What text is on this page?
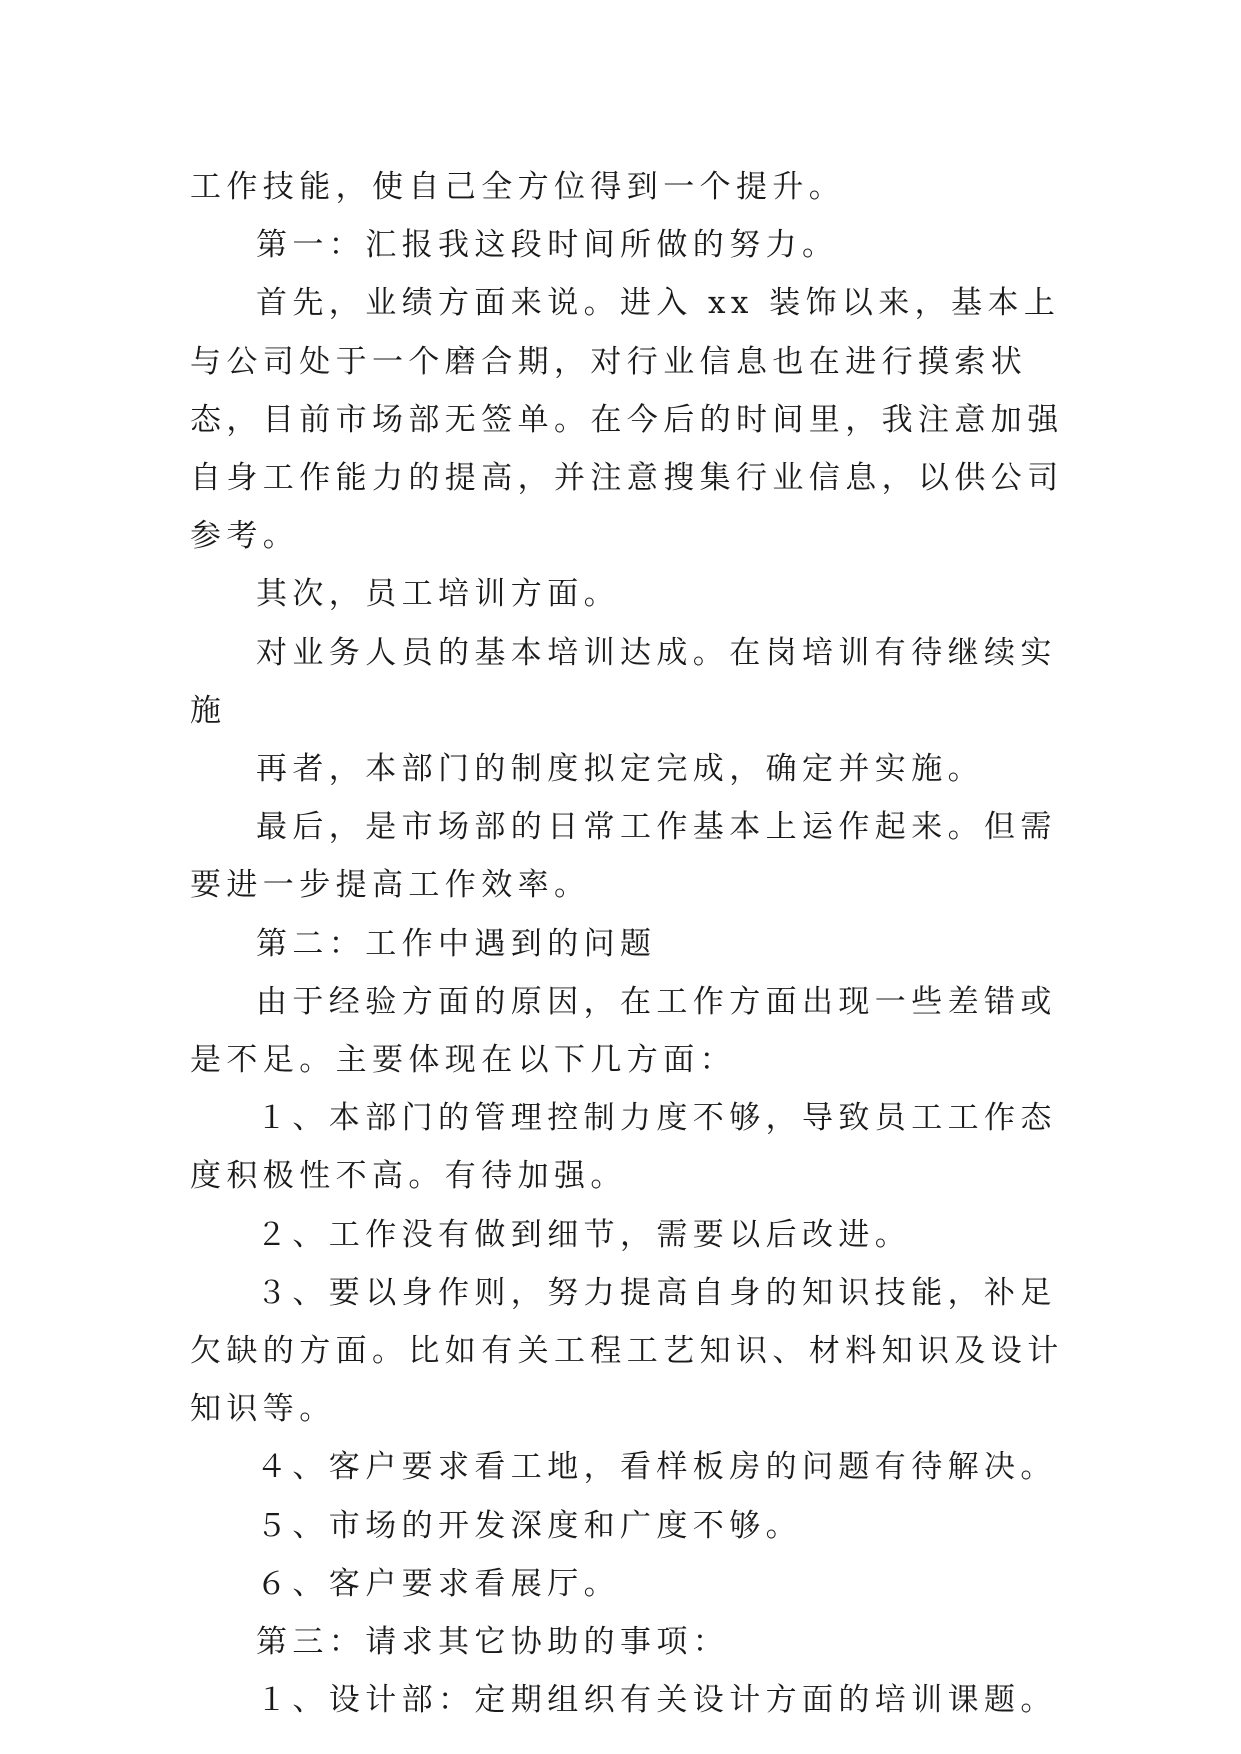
工作技能，使自己全方位得到一个提升。

第一：汇报我这段时间所做的努力。

首先，业绩方面来说。进入 xx 装饰以来，基本上与公司处于一个磨合期，对行业信息也在进行摸索状态，目前市场部无签单。在今后的时间里，我注意加强自身工作能力的提高，并注意搜集行业信息，以供公司参考。

其次，员工培训方面。

对业务人员的基本培训达成。在岗培训有待继续实施

再者，本部门的制度拟定完成，确定并实施。

最后，是市场部的日常工作基本上运作起来。但需要进一步提高工作效率。

第二：工作中遇到的问题

由于经验方面的原因，在工作方面出现一些差错或是不足。主要体现在以下几方面：

１、本部门的管理控制力度不够，导致员工工作态度积极性不高。有待加强。

２、工作没有做到细节，需要以后改进。

３、要以身作则，努力提高自身的知识技能，补足欠缺的方面。比如有关工程工艺知识、材料知识及设计知识等。

４、客户要求看工地，看样板房的问题有待解决。

５、市场的开发深度和广度不够。

６、客户要求看展厅。

第三：请求其它协助的事项：

１、设计部：定期组织有关设计方面的培训课题。
